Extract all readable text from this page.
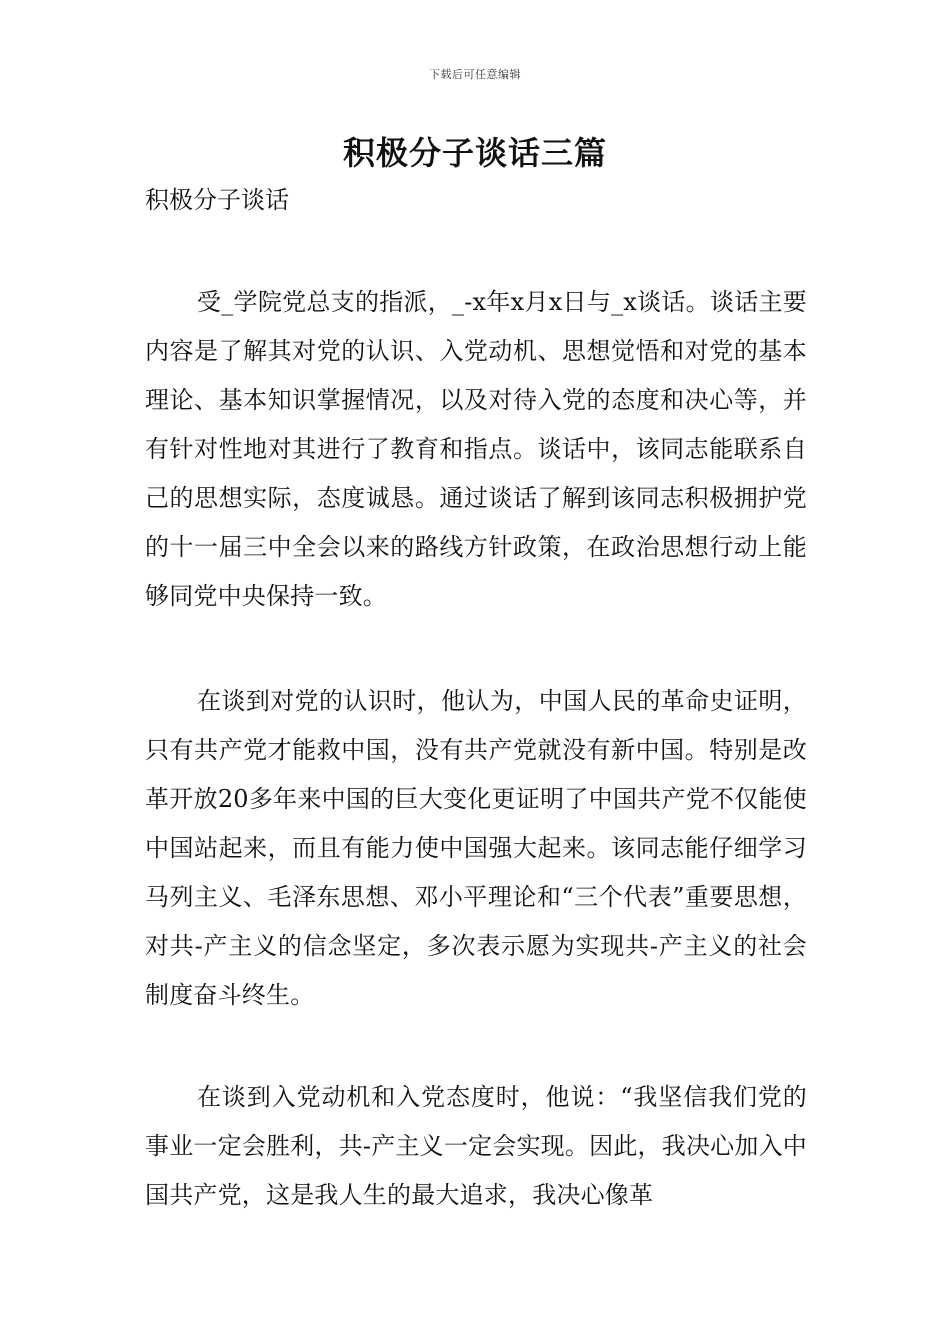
下载后可任意编辑
积极分子谈话三篇
积极分子谈话

受_学院党总支的指派，_-x年x月x日与_x谈话。谈话主要内容是了解其对党的认识、入党动机、思想觉悟和对党的基本理论、基本知识掌握情况，以及对待入党的态度和决心等，并有针对性地对其进行了教育和指点。谈话中，该同志能联系自己的思想实际，态度诚恳。通过谈话了解到该同志积极拥护党的十一届三中全会以来的路线方针政策，在政治思想行动上能够同党中央保持一致。

在谈到对党的认识时，他认为，中国人民的革命史证明，只有共产党才能救中国，没有共产党就没有新中国。特别是改革开放20多年来中国的巨大变化更证明了中国共产党不仅能使中国站起来，而且有能力使中国强大起来。该同志能仔细学习马列主义、毛泽东思想、邓小平理论和“三个代表”重要思想，对共-产主义的信念坚定，多次表示愿为实现共-产主义的社会制度奋斗终生。

在谈到入党动机和入党态度时，他说：“我坚信我们党的事业一定会胜利，共-产主义一定会实现。因此，我决心加入中国共产党，这是我人生的最大追求，我决心像革
